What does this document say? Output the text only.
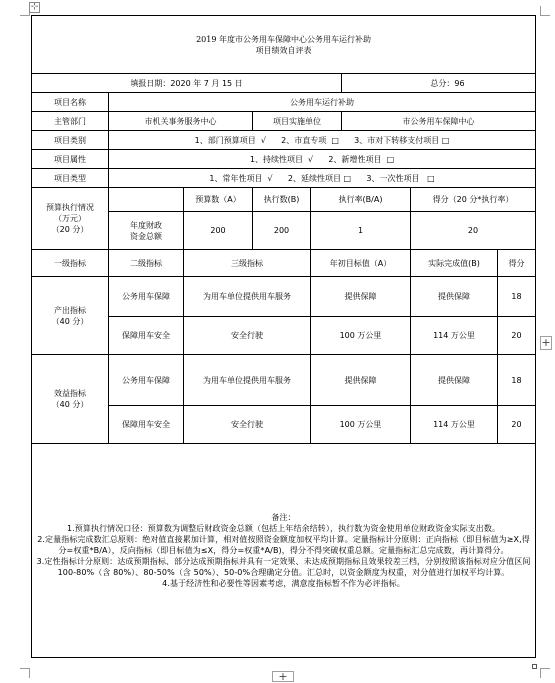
⊹
2019 年度市公务用车保障中心公务用车运行补助
项目绩效自评表							

填报日期：2020 年 7 月 15 日					总分：96		
项目名称	公务用车运行补助						
主管部门	市机关事务服务中心		项目实施单位		市公务用车保障中心		
项目类别	1、部门预算项目  √      2、市直专项  □      3、市对下转移支付项目 □						
项目属性	1、持续性项目  √      2、新增性项目  □						
项目类型	1、常年性项目  √      2、延续性项目 □      3、一次性项目   □						

预算执行情况
（万元）
（20 分）		预算数（A）	执行数(B)	执行率(B/A)		得分（20 分*执行率）	

	年度财政
资金总额	200	200	1		20	
一级指标	二级指标	三级指标		年初目标值（A）		实际完成值(B)	得分

产出指标
（40 分）	公务用车保障	为用车单位提供用车服务		提供保障		提供保障	18
	保障用车安全	安全行驶		100 万公里		114 万公里	20

效益指标
（40 分）	公务用车保障	为用车单位提供用车服务		提供保障		提供保障	18
	保障用车安全	安全行驶		100 万公里		114 万公里	20

备注：

1.预算执行情况口径：预算数为调整后财政资金总额（包括上年结余结转），执行数为资金使用单位财政资金实际支出数。

2.定量指标完成数汇总原则：绝对值直接累加计算，相对值按照资金额度加权平均计算。定量指标计分原则：正向指标（即目标值为≥X,得分=权重*B/A），反向指标（即目标值为≤X，得分=权重*A/B)，得分不得突破权重总额。定量指标汇总完成数，再计算得分。

3.定性指标计分原则：达成预期指标、部分达成预期指标并具有一定效果、未达成预期指标且效果较差三档，分别按照该指标对应分值区间 100-80%（含 80%）、80-50%（含 50%）、50-0%合理确定分值。汇总时，以资金额度为权重，对分值进行加权平均计算。

4.基于经济性和必要性等因素考虑，满意度指标暂不作为必评指标。							

+
+
